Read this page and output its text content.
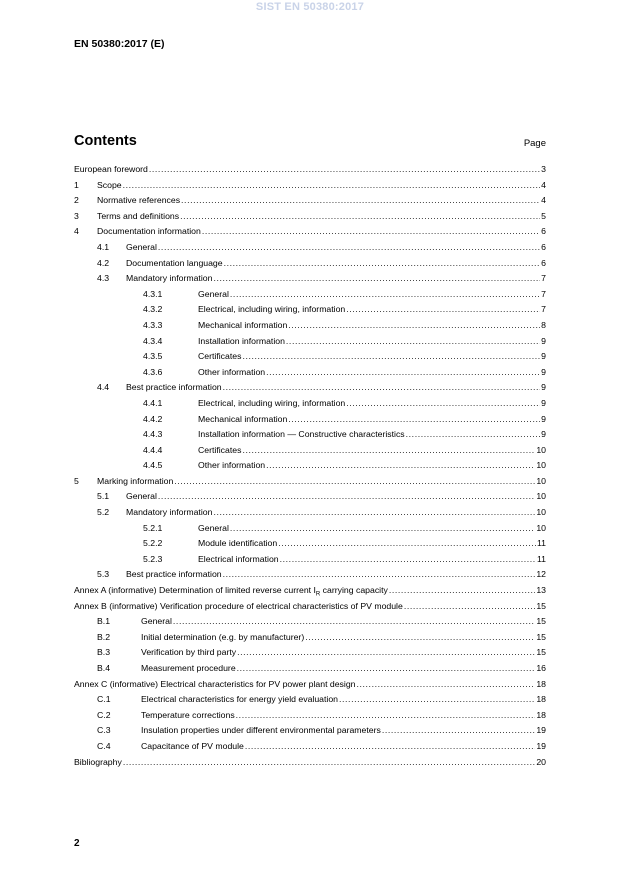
SIST EN 50380:2017
EN 50380:2017 (E)
Contents	Page
European foreword .....	3
1	Scope .....	4
2	Normative references .....	4
3	Terms and definitions .....	5
4	Documentation information .....	6
4.1	General .....	6
4.2	Documentation language .....	6
4.3	Mandatory information .....	7
4.3.1	General .....	7
4.3.2	Electrical, including wiring, information .....	7
4.3.3	Mechanical information .....	8
4.3.4	Installation information .....	9
4.3.5	Certificates .....	9
4.3.6	Other information .....	9
4.4	Best practice information .....	9
4.4.1	Electrical, including wiring, information .....	9
4.4.2	Mechanical information .....	9
4.4.3	Installation information — Constructive characteristics .....	9
4.4.4	Certificates .....	10
4.4.5	Other information .....	10
5	Marking information .....	10
5.1	General .....	10
5.2	Mandatory information .....	10
5.2.1	General .....	10
5.2.2	Module identification .....	11
5.2.3	Electrical information .....	11
5.3	Best practice information .....	12
Annex A (informative) Determination of limited reverse current $I_R$ carrying capacity .....	13
Annex B (informative) Verification procedure of electrical characteristics of PV module .....	15
B.1	General .....	15
B.2	Initial determination (e.g. by manufacturer) .....	15
B.3	Verification by third party .....	15
B.4	Measurement procedure .....	16
Annex C (informative) Electrical characteristics for PV power plant design .....	18
C.1	Electrical characteristics for energy yield evaluation .....	18
C.2	Temperature corrections .....	18
C.3	Insulation properties under different environmental parameters .....	19
C.4	Capacitance of PV module .....	19
Bibliography .....	20
2
